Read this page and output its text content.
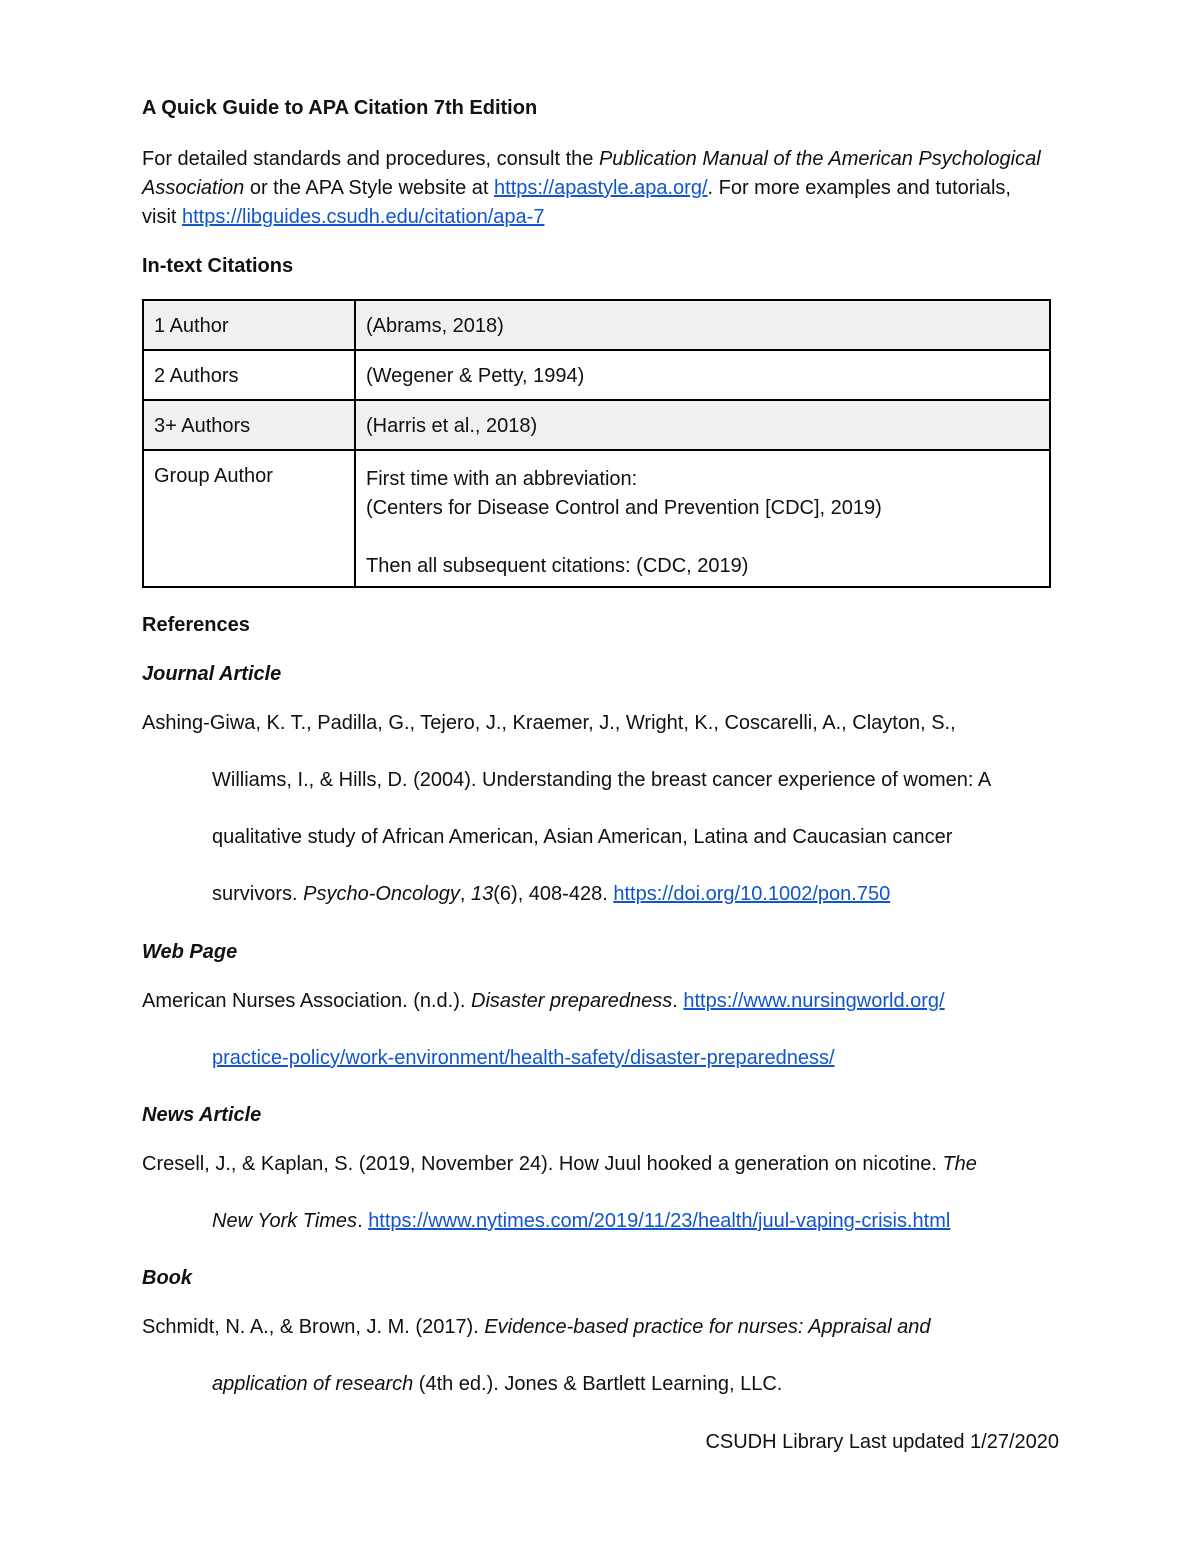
A Quick Guide to APA Citation 7th Edition
For detailed standards and procedures, consult the Publication Manual of the American Psychological Association or the APA Style website at https://apastyle.apa.org/. For more examples and tutorials, visit https://libguides.csudh.edu/citation/apa-7
In-text Citations
1 Author	(Abrams, 2018)
2 Authors	(Wegener & Petty, 1994)
3+ Authors	(Harris et al., 2018)
Group Author	First time with an abbreviation:
(Centers for Disease Control and Prevention [CDC], 2019)
Then all subsequent citations: (CDC, 2019)
References
Journal Article
Ashing-Giwa, K. T., Padilla, G., Tejero, J., Kraemer, J., Wright, K., Coscarelli, A., Clayton, S.,
Williams, I., & Hills, D. (2004). Understanding the breast cancer experience of women: A
qualitative study of African American, Asian American, Latina and Caucasian cancer
survivors. Psycho-Oncology, 13(6), 408-428. https://doi.org/10.1002/pon.750
Web Page
American Nurses Association. (n.d.). Disaster preparedness. https://www.nursingworld.org/
practice-policy/work-environment/health-safety/disaster-preparedness/
News Article
Cresell, J., & Kaplan, S. (2019, November 24). How Juul hooked a generation on nicotine. The
New York Times. https://www.nytimes.com/2019/11/23/health/juul-vaping-crisis.html
Book
Schmidt, N. A., & Brown, J. M. (2017). Evidence-based practice for nurses: Appraisal and
application of research (4th ed.). Jones & Bartlett Learning, LLC.
CSUDH Library Last updated 1/27/2020
